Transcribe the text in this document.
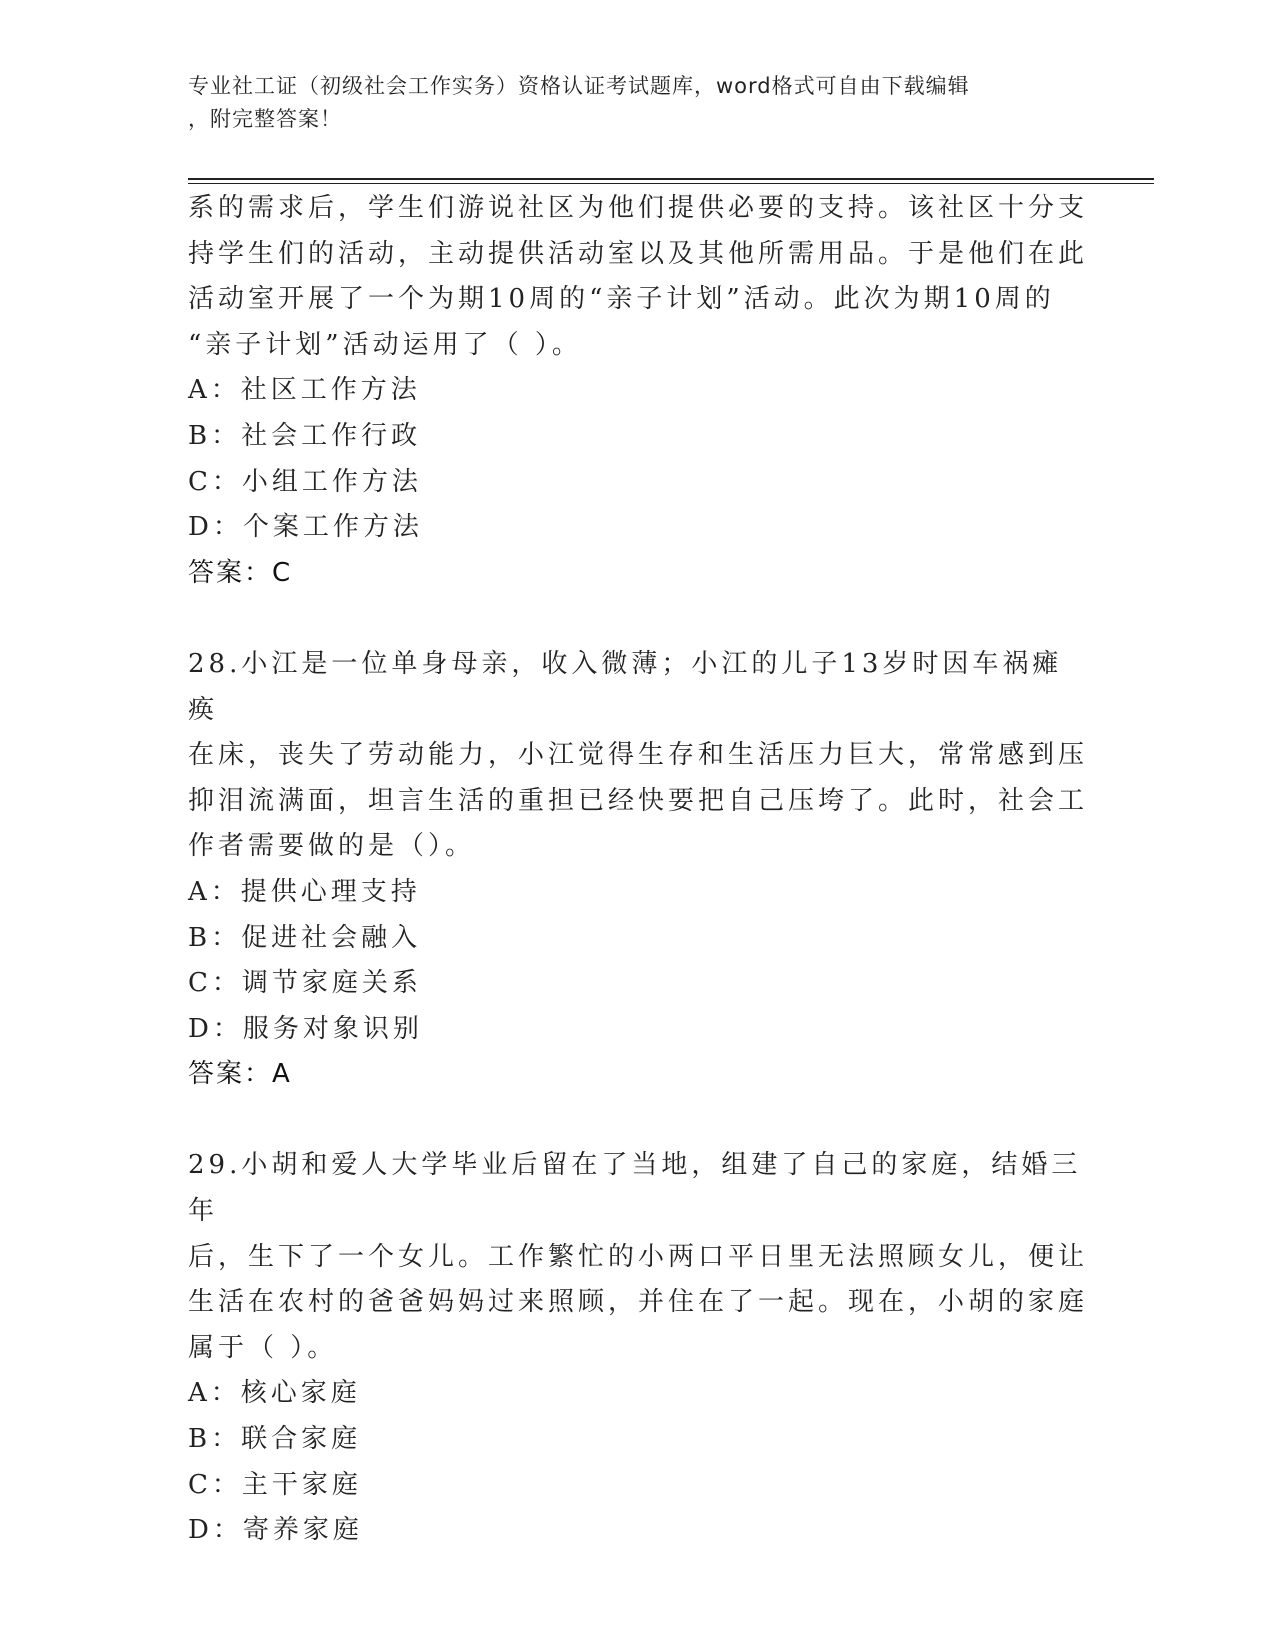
专业社工证（初级社会工作实务）资格认证考试题库，word格式可自由下载编辑
，附完整答案！

系的需求后，学生们游说社区为他们提供必要的支持。该社区十分支

持学生们的活动，主动提供活动室以及其他所需用品。于是他们在此

活动室开展了一个为期10周的“亲子计划”活动。此次为期10周的

“亲子计划”活动运用了（ ）。

A：社区工作方法

B：社会工作行政

C：小组工作方法

D：个案工作方法

答案：C

28.小江是一位单身母亲，收入微薄；小江的儿子13岁时因车祸瘫痪

在床，丧失了劳动能力，小江觉得生存和生活压力巨大，常常感到压

抑泪流满面，坦言生活的重担已经快要把自己压垮了。此时，社会工

作者需要做的是（）。

A：提供心理支持

B：促进社会融入

C：调节家庭关系

D：服务对象识别

答案：A

29.小胡和爱人大学毕业后留在了当地，组建了自己的家庭，结婚三年

后，生下了一个女儿。工作繁忙的小两口平日里无法照顾女儿，便让

生活在农村的爸爸妈妈过来照顾，并住在了一起。现在，小胡的家庭

属于（ ）。

A：核心家庭

B：联合家庭

C：主干家庭

D：寄养家庭
